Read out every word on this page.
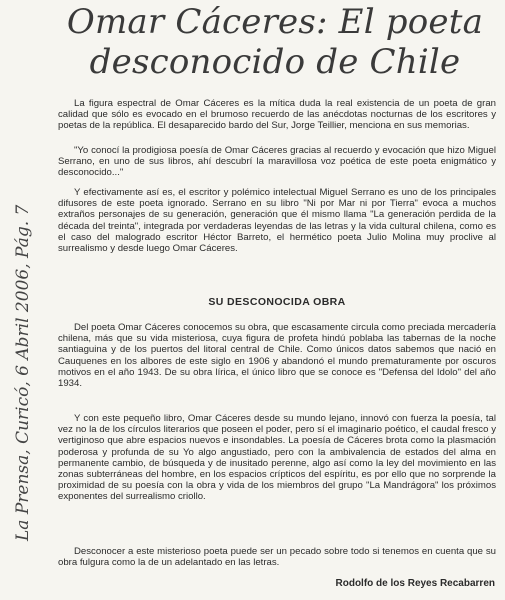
Omar Cáceres: El poeta desconocido de Chile
La Prensa, Curicó, 6 Abril 2006, Pág. 7

La figura espectral de Omar Cáceres es la mítica duda la real existencia de un poeta de gran calidad que sólo es evocado en el brumoso recuerdo de las anécdotas nocturnas de los escritores y poetas de la república. El desaparecido bardo del Sur, Jorge Teillier, menciona en sus memorias.

"Yo conocí la prodigiosa poesía de Omar Cáceres gracias al recuerdo y evocación que hizo Miguel Serrano, en uno de sus libros, ahí descubrí la maravillosa voz poética de este poeta enigmático y desconocido..."

Y efectivamente así es, el escritor y polémico intelectual Miguel Serrano es uno de los principales difusores de este poeta ignorado. Serrano en su libro "Ni por Mar ni por Tierra" evoca a muchos extraños personajes de su generación, generación que él mismo llama "La generación perdida de la década del treinta", integrada por verdaderas leyendas de las letras y la vida cultural chilena, como es el caso del malogrado escritor Héctor Barreto, el hermético poeta Julio Molina muy proclive al surrealismo y desde luego Omar Cáceres.

SU DESCONOCIDA OBRA

Del poeta Omar Cáceres conocemos su obra, que escasamente circula como preciada mercadería chilena, más que su vida misteriosa, cuya figura de profeta hindú poblaba las tabernas de la noche santiaguina y de los puertos del litoral central de Chile. Como únicos datos sabemos que nació en Cauquenes en los albores de este siglo en 1906 y abandonó el mundo prematuramente por oscuros motivos en el año 1943. De su obra lírica, el único libro que se conoce es "Defensa del Idolo" del año 1934.

Y con este pequeño libro, Omar Cáceres desde su mundo lejano, innovó con fuerza la poesía, tal vez no la de los círculos literarios que poseen el poder, pero sí el imaginario poético, el caudal fresco y vertiginoso que abre espacios nuevos e insondables. La poesía de Cáceres brota como la plasmación poderosa y profunda de su Yo algo angustiado, pero con la ambivalencia de estados del alma en permanente cambio, de búsqueda y de inusitado perenne, algo así como la ley del movimiento en las zonas subterráneas del hombre, en los espacios crípticos del espíritu, es por ello que no sorprende la proximidad de su poesía con la obra y vida de los miembros del grupo "La Mandrágora" los próximos exponentes del surrealismo criollo.

Desconocer a este misterioso poeta puede ser un pecado sobre todo si tenemos en cuenta que su obra fulgura como la de un adelantado en las letras.

Rodolfo de los Reyes Recabarren
